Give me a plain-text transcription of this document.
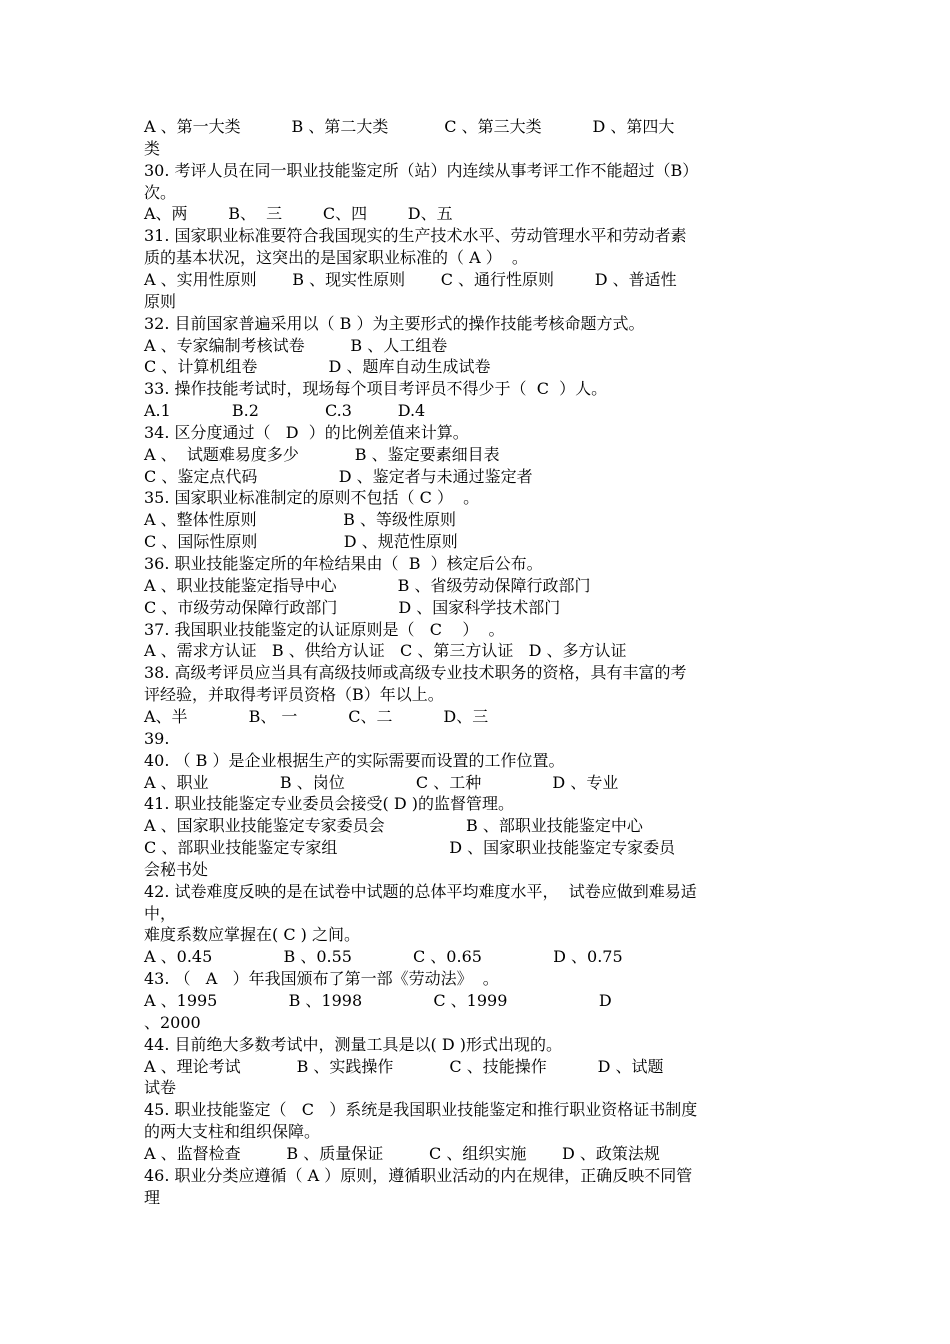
A 、第一大类          B 、第二大类           C 、第三大类          D 、第四大
类
30. 考评人员在同一职业技能鉴定所（站）内连续从事考评工作不能超过（B）
次。
A、两        B、  三        C、四        D、五
31. 国家职业标准要符合我国现实的生产技术水平、劳动管理水平和劳动者素
质的基本状况，这突出的是国家职业标准的（ A ）  。
A 、实用性原则       B 、现实性原则       C 、通行性原则        D 、普适性
原则
32. 目前国家普遍采用以（ B ）为主要形式的操作技能考核命题方式。
A 、专家编制考核试卷         B 、人工组卷
C 、计算机组卷              D 、题库自动生成试卷
33. 操作技能考试时，现场每个项目考评员不得少于（  C  ）人。
A.1            B.2             C.3         D.4
34. 区分度通过（   D  ）的比例差值来计算。
A 、  试题难易度多少           B 、鉴定要素细目表
C 、鉴定点代码                D 、鉴定者与未通过鉴定者
35. 国家职业标准制定的原则不包括（ C ）  。
A 、整体性原则                 B 、等级性原则
C 、国际性原则                 D 、规范性原则
36. 职业技能鉴定所的年检结果由（  B  ）核定后公布。
A 、职业技能鉴定指导中心            B 、省级劳动保障行政部门
C 、市级劳动保障行政部门            D 、国家科学技术部门
37. 我国职业技能鉴定的认证原则是（   C    ）  。
A 、需求方认证   B 、供给方认证   C 、第三方认证   D 、多方认证
38. 高级考评员应当具有高级技师或高级专业技术职务的资格，具有丰富的考
评经验，并取得考评员资格（B）年以上。
A、半            B、 一          C、二          D、三
39.
40. （ B ）是企业根据生产的实际需要而设置的工作位置。
A 、职业              B 、岗位              C 、工种              D 、专业
41. 职业技能鉴定专业委员会接受( D )的监督管理。
A 、国家职业技能鉴定专家委员会                B 、部职业技能鉴定中心
C 、部职业技能鉴定专家组                      D 、国家职业技能鉴定专家委员
会秘书处
42. 试卷难度反映的是在试卷中试题的总体平均难度水平，  试卷应做到难易适
中，
难度系数应掌握在( C ) 之间。
A 、0.45              B 、0.55            C 、0.65              D 、0.75
43. （   A   ）年我国颁布了第一部《劳动法》  。
A 、1995              B 、1998              C 、1999                  D
、2000
44. 目前绝大多数考试中，测量工具是以( D )形式出现的。
A 、理论考试           B 、实践操作           C 、技能操作          D 、试题
试卷
45. 职业技能鉴定（   C   ）系统是我国职业技能鉴定和推行职业资格证书制度
的两大支柱和组织保障。
A 、监督检查         B 、质量保证         C 、组织实施       D 、政策法规
46. 职业分类应遵循（ A ）原则，遵循职业活动的内在规律，正确反映不同管
理
